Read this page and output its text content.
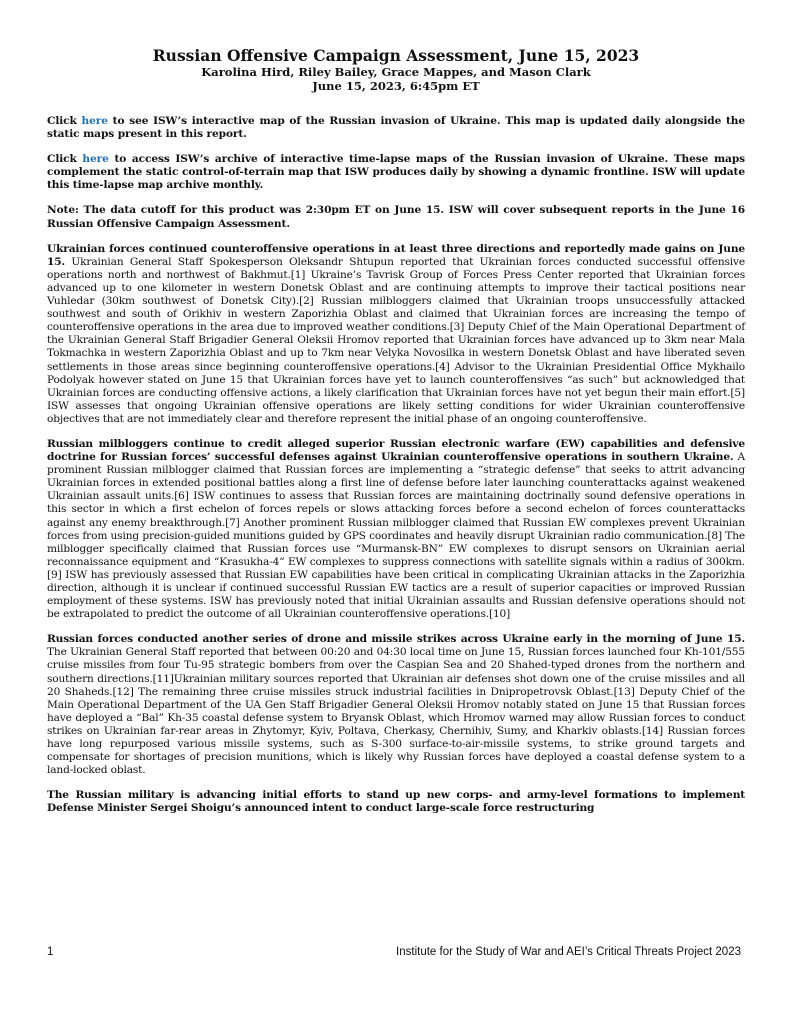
Russian Offensive Campaign Assessment, June 15, 2023
Karolina Hird, Riley Bailey, Grace Mappes, and Mason Clark
June 15, 2023, 6:45pm ET

Click here to see ISW’s interactive map of the Russian invasion of Ukraine. This map is updated daily alongside the static maps present in this report.

Click here to access ISW’s archive of interactive time-lapse maps of the Russian invasion of Ukraine. These maps complement the static control-of-terrain map that ISW produces daily by showing a dynamic frontline. ISW will update this time-lapse map archive monthly.

Note: The data cutoff for this product was 2:30pm ET on June 15. ISW will cover subsequent reports in the June 16 Russian Offensive Campaign Assessment.

Ukrainian forces continued counteroffensive operations in at least three directions and reportedly made gains on June 15. Ukrainian General Staff Spokesperson Oleksandr Shtupun reported that Ukrainian forces conducted successful offensive operations north and northwest of Bakhmut.[1] Ukraine’s Tavrisk Group of Forces Press Center reported that Ukrainian forces advanced up to one kilometer in western Donetsk Oblast and are continuing attempts to improve their tactical positions near Vuhledar (30km southwest of Donetsk City).[2] Russian milbloggers claimed that Ukrainian troops unsuccessfully attacked southwest and south of Orikhiv in western Zaporizhia Oblast and claimed that Ukrainian forces are increasing the tempo of counteroffensive operations in the area due to improved weather conditions.[3] Deputy Chief of the Main Operational Department of the Ukrainian General Staff Brigadier General Oleksii Hromov reported that Ukrainian forces have advanced up to 3km near Mala Tokmachka in western Zaporizhia Oblast and up to 7km near Velyka Novosilka in western Donetsk Oblast and have liberated seven settlements in those areas since beginning counteroffensive operations.[4] Advisor to the Ukrainian Presidential Office Mykhailo Podolyak however stated on June 15 that Ukrainian forces have yet to launch counteroffensives “as such” but acknowledged that Ukrainian forces are conducting offensive actions, a likely clarification that Ukrainian forces have not yet begun their main effort.[5] ISW assesses that ongoing Ukrainian offensive operations are likely setting conditions for wider Ukrainian counteroffensive objectives that are not immediately clear and therefore represent the initial phase of an ongoing counteroffensive.

Russian milbloggers continue to credit alleged superior Russian electronic warfare (EW) capabilities and defensive doctrine for Russian forces’ successful defenses against Ukrainian counteroffensive operations in southern Ukraine. A prominent Russian milblogger claimed that Russian forces are implementing a “strategic defense” that seeks to attrit advancing Ukrainian forces in extended positional battles along a first line of defense before later launching counterattacks against weakened Ukrainian assault units.[6] ISW continues to assess that Russian forces are maintaining doctrinally sound defensive operations in this sector in which a first echelon of forces repels or slows attacking forces before a second echelon of forces counterattacks against any enemy breakthrough.[7] Another prominent Russian milblogger claimed that Russian EW complexes prevent Ukrainian forces from using precision-guided munitions guided by GPS coordinates and heavily disrupt Ukrainian radio communication.[8] The milblogger specifically claimed that Russian forces use “Murmansk-BN” EW complexes to disrupt sensors on Ukrainian aerial reconnaissance equipment and “Krasukha-4” EW complexes to suppress connections with satellite signals within a radius of 300km.[9] ISW has previously assessed that Russian EW capabilities have been critical in complicating Ukrainian attacks in the Zaporizhia direction, although it is unclear if continued successful Russian EW tactics are a result of superior capacities or improved Russian employment of these systems. ISW has previously noted that initial Ukrainian assaults and Russian defensive operations should not be extrapolated to predict the outcome of all Ukrainian counteroffensive operations.[10]

Russian forces conducted another series of drone and missile strikes across Ukraine early in the morning of June 15. The Ukrainian General Staff reported that between 00:20 and 04:30 local time on June 15, Russian forces launched four Kh-101/555 cruise missiles from four Tu-95 strategic bombers from over the Caspian Sea and 20 Shahed-typed drones from the northern and southern directions.[11]Ukrainian military sources reported that Ukrainian air defenses shot down one of the cruise missiles and all 20 Shaheds.[12] The remaining three cruise missiles struck industrial facilities in Dnipropetrovsk Oblast.[13] Deputy Chief of the Main Operational Department of the UA Gen Staff Brigadier General Oleksii Hromov notably stated on June 15 that Russian forces have deployed a “Bal” Kh-35 coastal defense system to Bryansk Oblast, which Hromov warned may allow Russian forces to conduct strikes on Ukrainian far-rear areas in Zhytomyr, Kyiv, Poltava, Cherkasy, Chernihiv, Sumy, and Kharkiv oblasts.[14] Russian forces have long repurposed various missile systems, such as S-300 surface-to-air-missile systems, to strike ground targets and compensate for shortages of precision munitions, which is likely why Russian forces have deployed a coastal defense system to a land-locked oblast.

The Russian military is advancing initial efforts to stand up new corps- and army-level formations to implement Defense Minister Sergei Shoigu’s announced intent to conduct large-scale force restructuring

1	Institute for the Study of War and AEI’s Critical Threats Project 2023
